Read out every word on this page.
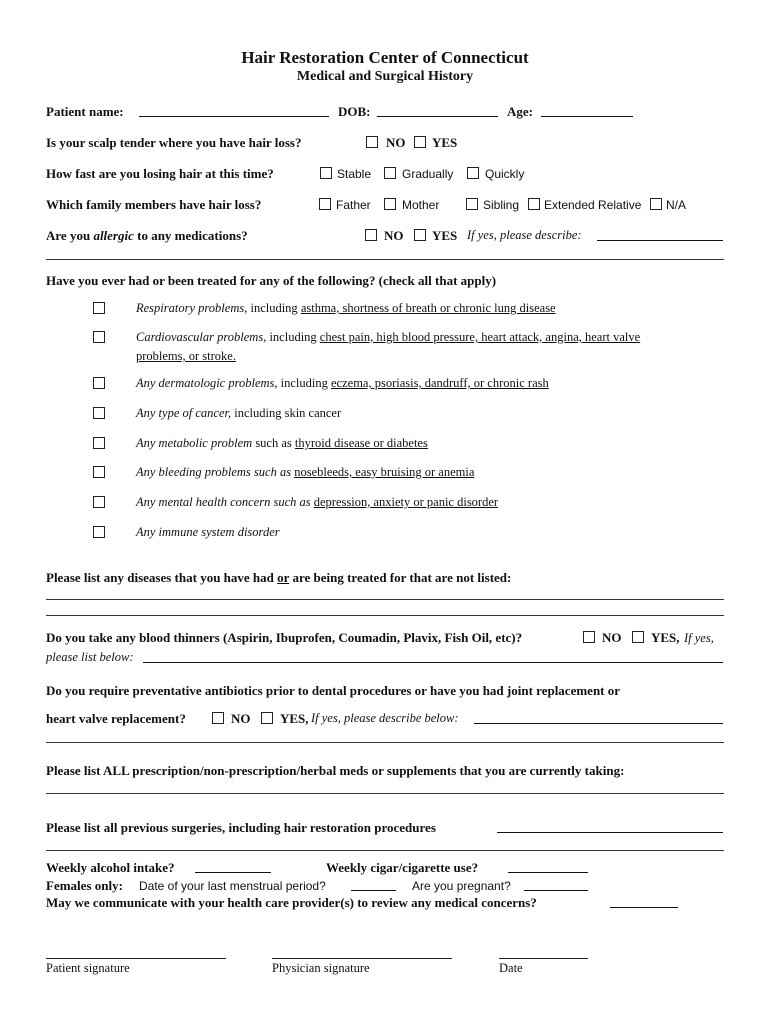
Hair Restoration Center of Connecticut
Medical and Surgical History
Patient name:	DOB:	Age:
Is your scalp tender where you have hair loss?	NO YES
How fast are you losing hair at this time?	Stable	Gradually	Quickly
Which family members have hair loss?	Father	Mother	Sibling Extended Relative N/A
Are you allergic to any medications?	NO YES If yes, please describe:
Have you ever had or been treated for any of the following? (check all that apply)
Respiratory problems, including asthma, shortness of breath or chronic lung disease
Cardiovascular problems, including chest pain, high blood pressure, heart attack, angina, heart valve
problems, or stroke.
Any dermatologic problems, including eczema, psoriasis, dandruff, or chronic rash
Any type of cancer, including skin cancer
Any metabolic problem such as thyroid disease or diabetes
Any bleeding problems such as nosebleeds, easy bruising or anemia
Any mental health concern such as depression, anxiety or panic disorder
Any immune system disorder
Please list any diseases that you have had or are being treated for that are not listed:
Do you take any blood thinners (Aspirin, Ibuprofen, Coumadin, Plavix, Fish Oil, etc)?	NO YES, If yes,
please list below:
Do you require preventative antibiotics prior to dental procedures or have you had joint replacement or
heart valve replacement?	NO YES, If yes, please describe below:
Please list ALL prescription/non-prescription/herbal meds or supplements that you are currently taking:
Please list all previous surgeries, including hair restoration procedures
Weekly alcohol intake?	Weekly cigar/cigarette use?
Females only: Date of your last menstrual period?	Are you pregnant?
May we communicate with your health care provider(s) to review any medical concerns?
Patient signature	Physician signature	Date
